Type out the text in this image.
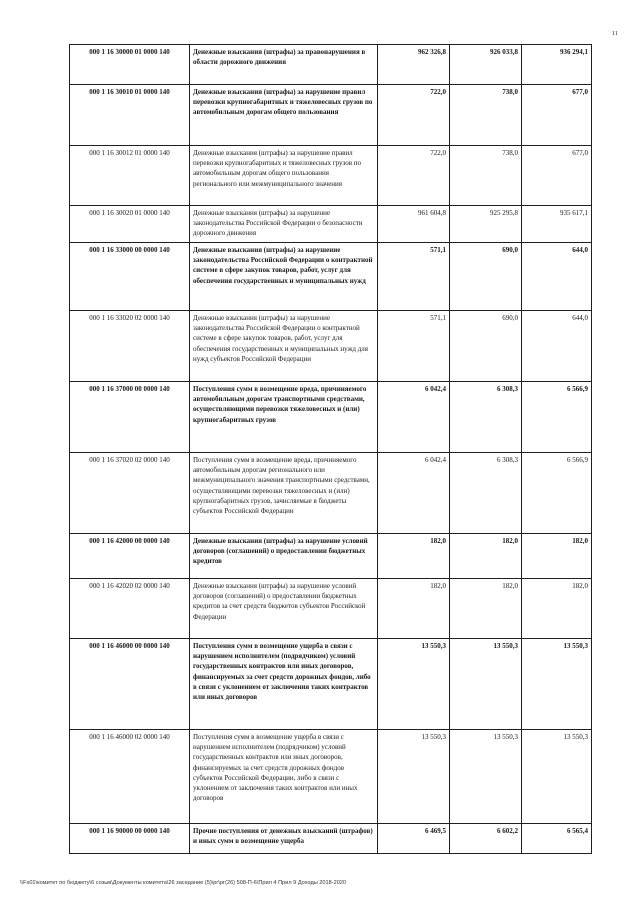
11
000 1 16 30000 01 0000 140	Денежные взыскания (штрафы) за правонарушения в области дорожного движения	962 326,8	926 033,8	936 294,1
000 1 16 30010 01 0000 140	Денежные взыскания (штрафы) за нарушение правил перевозки крупногабаритных и тяжеловесных грузов по автомобильным дорогам общего пользования	722,0	738,0	677,0
000 1 16 30012 01 0000 140	Денежные взыскания (штрафы) за нарушение правил перевозки крупногабаритных и тяжеловесных грузов по автомобильным дорогам общего пользования регионального или межмуниципального значения	722,0	738,0	677,0
000 1 16 30020 01 0000 140	Денежные взыскания (штрафы) за нарушение законодательства Российской Федерации о безопасности дорожного движения	961 604,8	925 295,8	935 617,1
000 1 16 33000 00 0000 140	Денежные взыскания (штрафы) за нарушение законодательства Российской Федерации о контрактной системе в сфере закупок товаров, работ, услуг для обеспечения государственных и муниципальных нужд	571,1	690,0	644,0
000 1 16 33020 02 0000 140	Денежные взыскания (штрафы) за нарушение законодательства Российской Федерации о контрактной системе в сфере закупок товаров, работ, услуг для обеспечения государственных и муниципальных нужд для нужд субъектов Российской Федерации	571,1	690,0	644,0
000 1 16 37000 00 0000 140	Поступления сумм в возмещение вреда, причиняемого автомобильным дорогам транспортными средствами, осуществляющими перевозки тяжеловесных и (или) крупногабаритных грузов	6 042,4	6 308,3	6 566,9
000 1 16 37020 02 0000 140	Поступления сумм в возмещение вреда, причиняемого автомобильным дорогам регионального или межмуниципального значения транспортными средствами, осуществляющими перевозки тяжеловесных и (или) крупногабаритных грузов, зачисляемые в бюджеты субъектов Российской Федерации	6 042,4	6 308,3	6 566,9
000 1 16 42000 00 0000 140	Денежные взыскания (штрафы) за нарушение условий договоров (соглашений) о предоставлении бюджетных кредитов	182,0	182,0	182,0
000 1 16 42020 02 0000 140	Денежные взыскания (штрафы) за нарушение условий договоров (соглашений) о предоставлении бюджетных кредитов за счет средств бюджетов субъектов Российской Федерации	182,0	182,0	182,0
000 1 16 46000 00 0000 140	Поступления сумм в возмещение ущерба в связи с нарушением исполнителем (подрядчиком) условий государственных контрактов или иных договоров, финансируемых за счет средств дорожных фондов, либо в связи с уклонением от заключения таких контрактов или иных договоров	13 550,3	13 550,3	13 550,3
000 1 16 46000 02 0000 140	Поступления сумм в возмещение ущерба в связи с нарушением исполнителем (подрядчиком) условий государственных контрактов или иных договоров, финансируемых за счет средств дорожных фондов субъектов Российской Федерации, либо в связи с уклонением от заключения таких контрактов или иных договоров	13 550,3	13 550,3	13 550,3
000 1 16 90000 00 0000 140	Прочие поступления от денежных взысканий (штрафов) и иных сумм в возмещение ущерба	6 469,5	6 602,2	6 565,4
\\Fs01\комитет по бюджету\6 созыв\Документы комитета\26 заседание (5)\рг\рг(26) 508-П-6\Прил 4 Прил 9 Доходы 2018-2020
